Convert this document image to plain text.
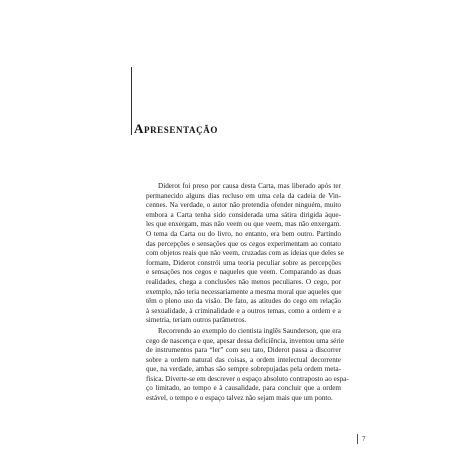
Apresentação

Diderot foi preso por causa desta Carta, mas liberado após ter
permanecido alguns dias recluso em uma cela da cadeia de Vin-
cennes. Na verdade, o autor não pretendia ofender ninguém, muito
embora a Carta tenha sido considerada uma sátira dirigida àque-
les que enxergam, mas não veem ou que veem, mas não enxergam.
O tema da Carta ou do livro, no entanto, era bem outro. Partindo
das percepções e sensações que os cegos experimentam ao contato
com objetos reais que não veem, cruzadas com as ideias que deles se
formam, Diderot constrói uma teoria peculiar sobre as percepções
e sensações nos cegos e naqueles que veem. Comparando as duas
realidades, chega a conclusões não menos peculiares. O cego, por
exemplo, não teria necessariamente a mesma moral que aqueles que
têm o pleno uso da visão. De fato, as atitudes do cego em relação
à sexualidade, à criminalidade e a outros temas, como a ordem e a
simetria, teriam outros parâmetros.

Recorrendo ao exemplo do cientista inglês Saunderson, que era
cego de nascença e que, apesar dessa deficiência, inventou uma série
de instrumentos para “ler” com seu tato, Diderot passa a discorrer
sobre a ordem natural das coisas, a ordem intelectual decorrente
que, na verdade, ambas são sempre sobrepujadas pela ordem metа-
física. Diverte-se em descrever o espaço absoluto contraposto ao espa-
ço limitado, ao tempo e à causalidade, para concluir que a ordem
estável, o tempo e o espaço talvez não sejam mais que um ponto.

7
